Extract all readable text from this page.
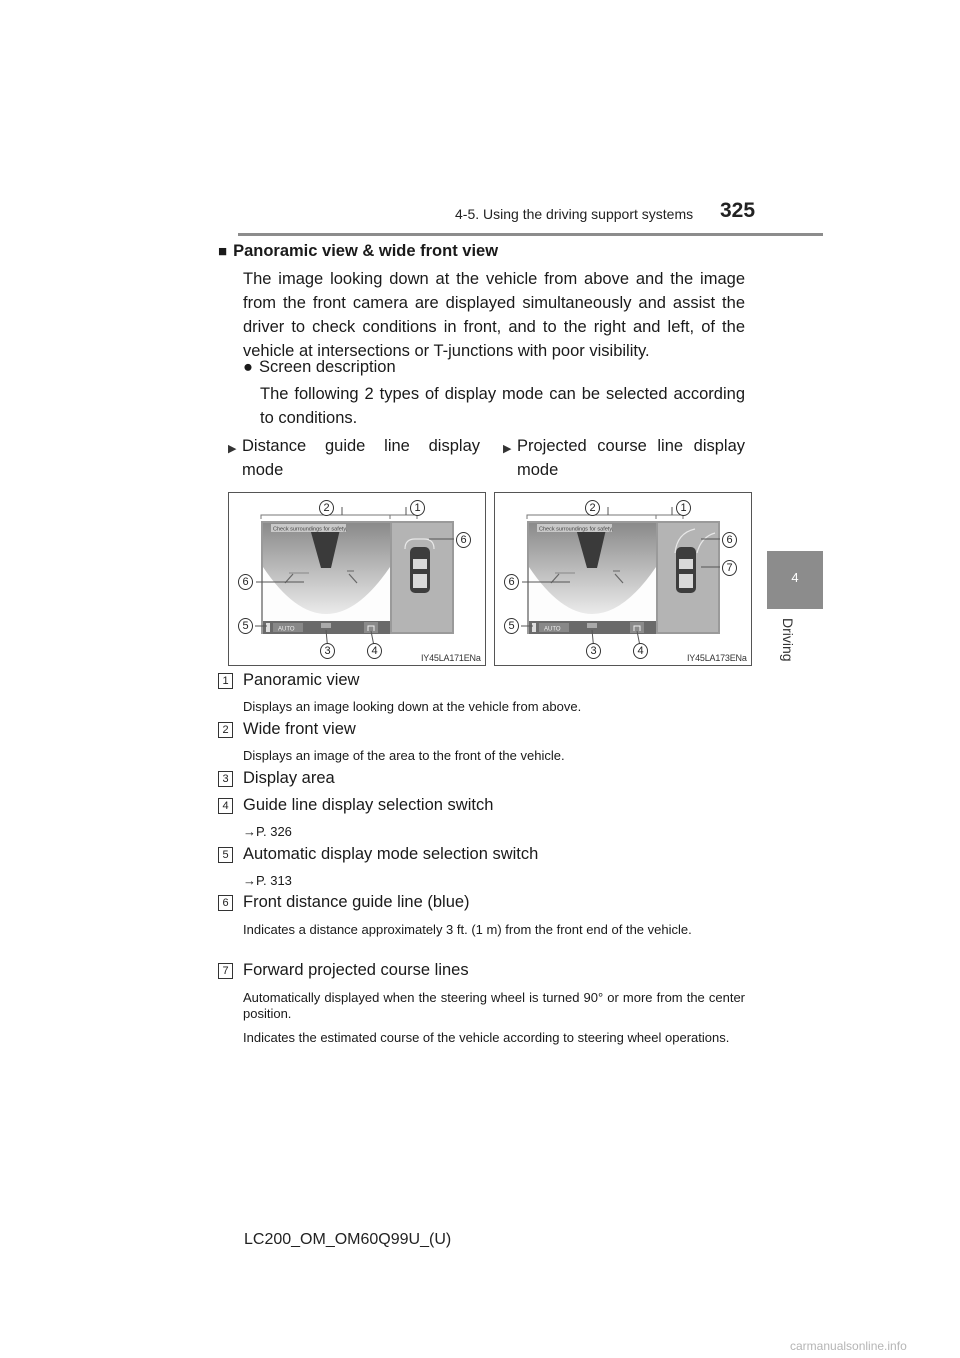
4-5. Using the driving support systems 325
4
Driving
■ Panoramic view & wide front view
The image looking down at the vehicle from above and the image from the front camera are displayed simultaneously and assist the driver to check conditions in front, and to the right and left, of the vehicle at intersections or T-junctions with poor visibility.
● Screen description
The following 2 types of display mode can be selected according to conditions.
▶ Distance guide line display mode
▶ Projected course line display mode
Check surroundings for safety.
AUTO
2	1
6
6
5
3	4
IY45LA171ENa
Check surroundings for safety.
AUTO
2	1
6
7
6
5
3	4
IY45LA173ENa
1 Panoramic view
Displays an image looking down at the vehicle from above.
2 Wide front view
Displays an image of the area to the front of the vehicle.
3 Display area
4 Guide line display selection switch
→P. 326
5 Automatic display mode selection switch
→P. 313
6 Front distance guide line (blue)
Indicates a distance approximately 3 ft. (1 m) from the front end of the vehicle.
7 Forward projected course lines
Automatically displayed when the steering wheel is turned 90° or more from the center position.
Indicates the estimated course of the vehicle according to steering wheel operations.
LC200_OM_OM60Q99U_(U)
carmanualsonline.info
